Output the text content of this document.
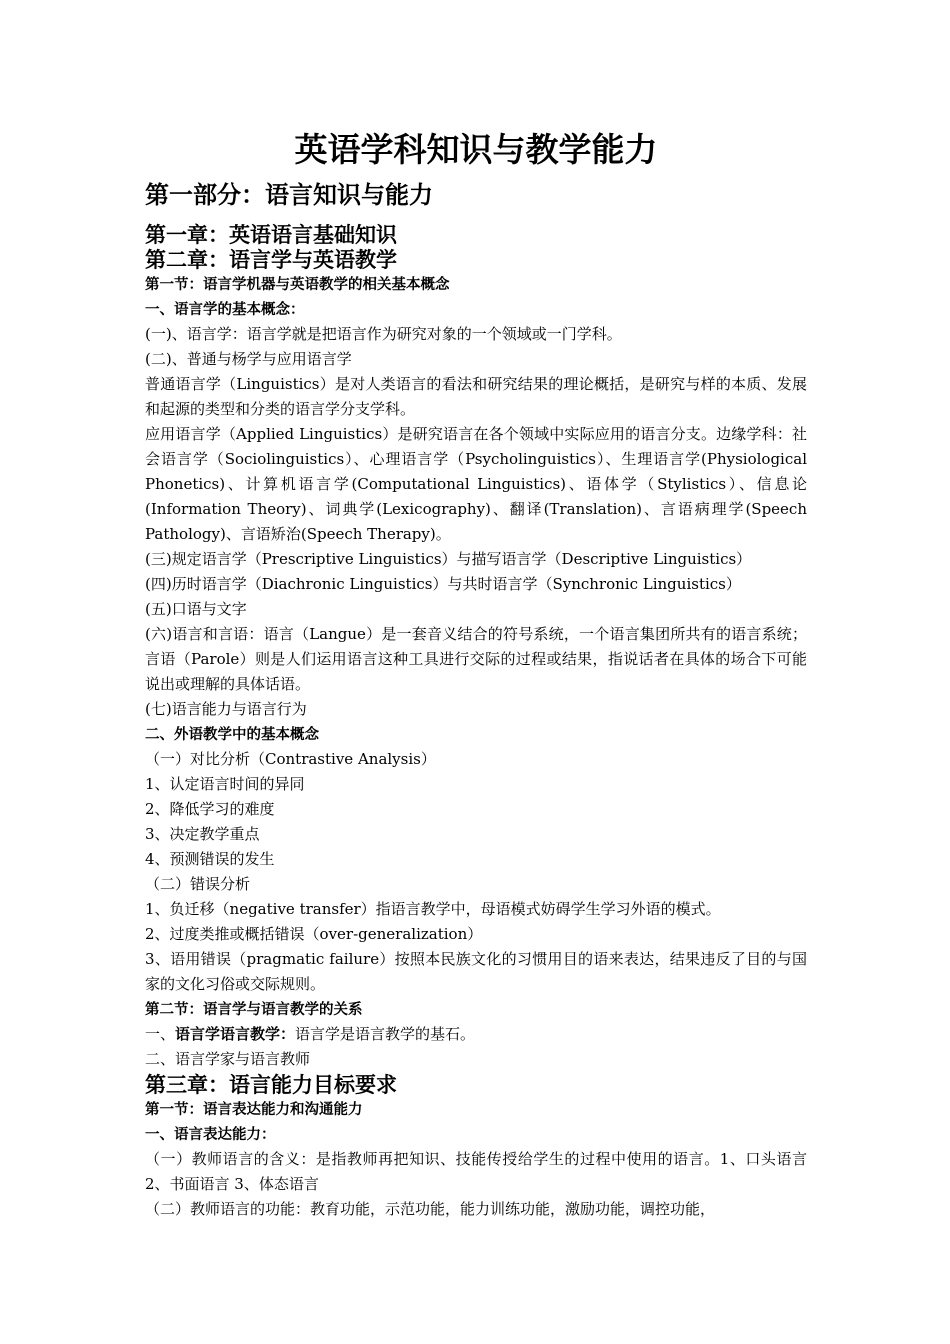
英语学科知识与教学能力
第一部分：语言知识与能力
第一章：英语语言基础知识
第二章：语言学与英语教学
第一节：语言学机器与英语教学的相关基本概念
一、语言学的基本概念：
(一)、语言学：语言学就是把语言作为研究对象的一个领域或一门学科。
(二)、普通与杨学与应用语言学
普通语言学（Linguistics）是对人类语言的看法和研究结果的理论概括，是研究与样的本质、发展和起源的类型和分类的语言学分支学科。
应用语言学（Applied Linguistics）是研究语言在各个领域中实际应用的语言分支。边缘学科：社会语言学（Sociolinguistics）、心理语言学（Psycholinguistics）、生理语言学(Physiological Phonetics)、计算机语言学(Computational Linguistics)、语体学（Stylistics）、信息论(Information Theory)、词典学(Lexicography)、翻译(Translation)、言语病理学(Speech Pathology)、言语矫治(Speech Therapy)。
(三)规定语言学（Prescriptive Linguistics）与描写语言学（Descriptive Linguistics）
(四)历时语言学（Diachronic Linguistics）与共时语言学（Synchronic Linguistics）
(五)口语与文字
(六)语言和言语：语言（Langue）是一套音义结合的符号系统，一个语言集团所共有的语言系统；言语（Parole）则是人们运用语言这种工具进行交际的过程或结果，指说话者在具体的场合下可能说出或理解的具体话语。
(七)语言能力与语言行为
二、外语教学中的基本概念
（一）对比分析（Contrastive Analysis）
1、认定语言时间的异同
2、降低学习的难度
3、决定教学重点
4、预测错误的发生
（二）错误分析
1、负迁移（negative transfer）指语言教学中，母语模式妨碍学生学习外语的模式。
2、过度类推或概括错误（over-generalization）
3、语用错误（pragmatic failure）按照本民族文化的习惯用目的语来表达，结果违反了目的与国家的文化习俗或交际规则。
第二节：语言学与语言教学的关系
一、语言学语言教学：语言学是语言教学的基石。
二、语言学家与语言教师
第三章：语言能力目标要求
第一节：语言表达能力和沟通能力
一、语言表达能力：
（一）教师语言的含义：是指教师再把知识、技能传授给学生的过程中使用的语言。1、口头语言 2、书面语言 3、体态语言
（二）教师语言的功能：教育功能，示范功能，能力训练功能，激励功能，调控功能，
